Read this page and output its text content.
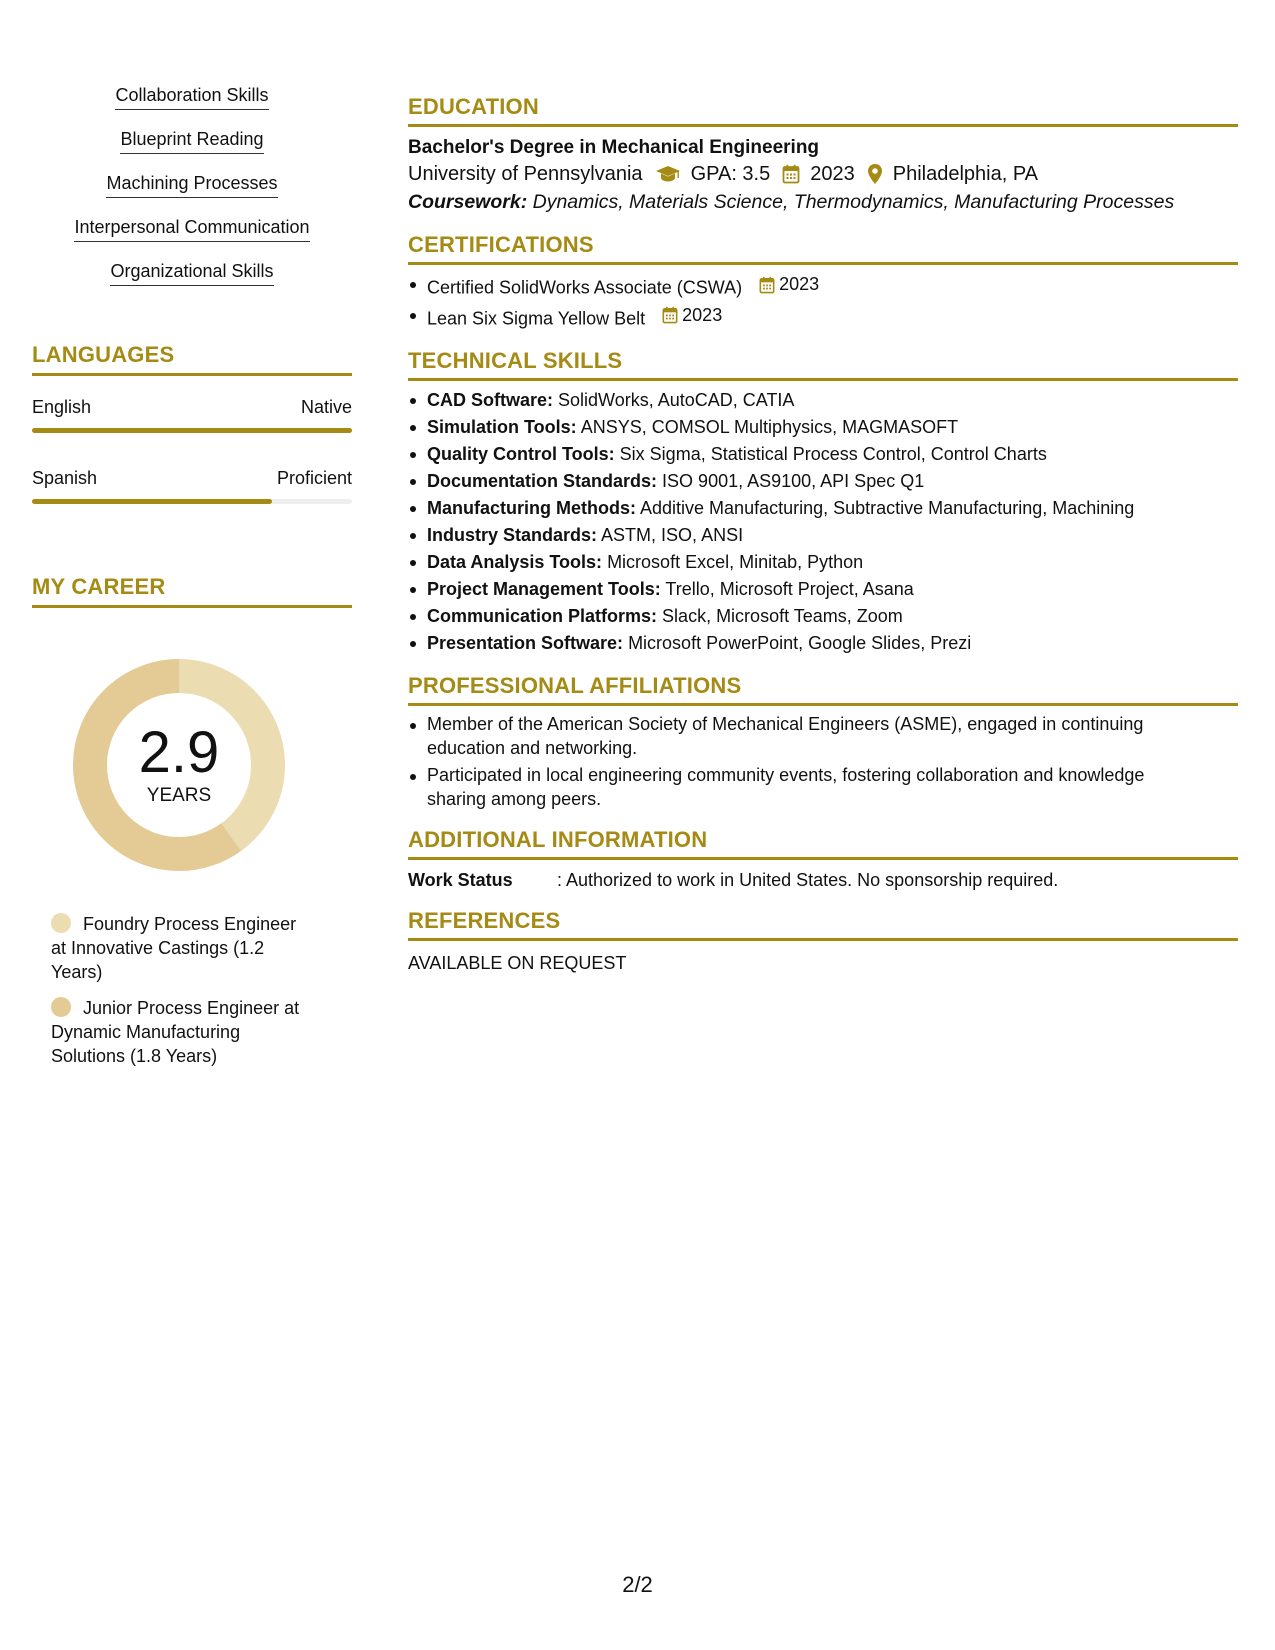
Collaboration Skills
Blueprint Reading
Machining Processes
Interpersonal Communication
Organizational Skills
LANGUAGES
English	Native
Spanish	Proficient
MY CAREER
2.9
YEARS
Foundry Process Engineer at Innovative Castings (1.2 Years)
Junior Process Engineer at Dynamic Manufacturing Solutions (1.8 Years)
EDUCATION
Bachelor's Degree in Mechanical Engineering
University of Pennsylvania GPA: 3.5 2023 Philadelphia, PA
Coursework: Dynamics, Materials Science, Thermodynamics, Manufacturing Processes
CERTIFICATIONS
Certified SolidWorks Associate (CSWA) 2023
Lean Six Sigma Yellow Belt 2023
TECHNICAL SKILLS
CAD Software: SolidWorks, AutoCAD, CATIA
Simulation Tools: ANSYS, COMSOL Multiphysics, MAGMASOFT
Quality Control Tools: Six Sigma, Statistical Process Control, Control Charts
Documentation Standards: ISO 9001, AS9100, API Spec Q1
Manufacturing Methods: Additive Manufacturing, Subtractive Manufacturing, Machining
Industry Standards: ASTM, ISO, ANSI
Data Analysis Tools: Microsoft Excel, Minitab, Python
Project Management Tools: Trello, Microsoft Project, Asana
Communication Platforms: Slack, Microsoft Teams, Zoom
Presentation Software: Microsoft PowerPoint, Google Slides, Prezi
PROFESSIONAL AFFILIATIONS
Member of the American Society of Mechanical Engineers (ASME), engaged in continuing education and networking.
Participated in local engineering community events, fostering collaboration and knowledge sharing among peers.
ADDITIONAL INFORMATION
Work Status	: Authorized to work in United States. No sponsorship required.
REFERENCES
AVAILABLE ON REQUEST
2/2
